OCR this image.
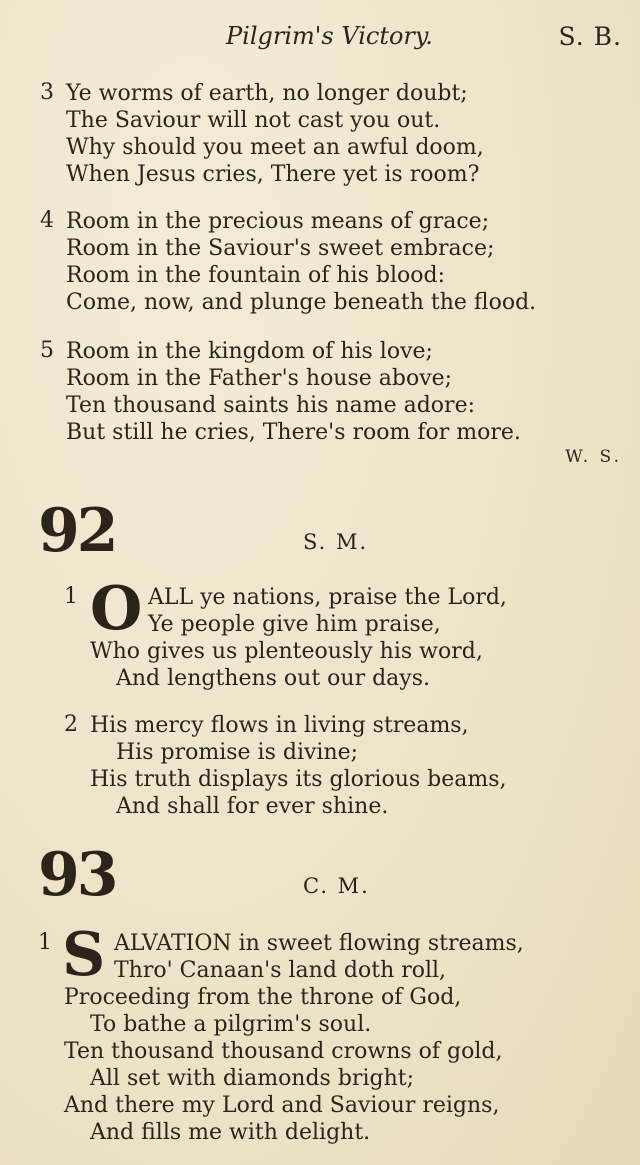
Pilgrim's Victory.	S. B.
3 Ye worms of earth, no longer doubt;
The Saviour will not cast you out.
Why should you meet an awful doom,
When Jesus cries, There yet is room?
4 Room in the precious means of grace;
Room in the Saviour's sweet embrace;
Room in the fountain of his blood:
Come, now, and plunge beneath the flood.
5 Room in the kingdom of his love;
Room in the Father's house above;
Ten thousand saints his name adore:
But still he cries, There's room for more.
W. S.
92	S. M.
1 O ALL ye nations, praise the Lord,
Ye people give him praise,
Who gives us plenteously his word,
And lengthens out our days.
2 His mercy flows in living streams,
His promise is divine;
His truth displays its glorious beams,
And shall for ever shine.
93	C. M.
1 S ALVATION in sweet flowing streams,
Thro' Canaan's land doth roll,
Proceeding from the throne of God,
To bathe a pilgrim's soul.
Ten thousand thousand crowns of gold,
All set with diamonds bright;
And there my Lord and Saviour reigns,
And fills me with delight.
